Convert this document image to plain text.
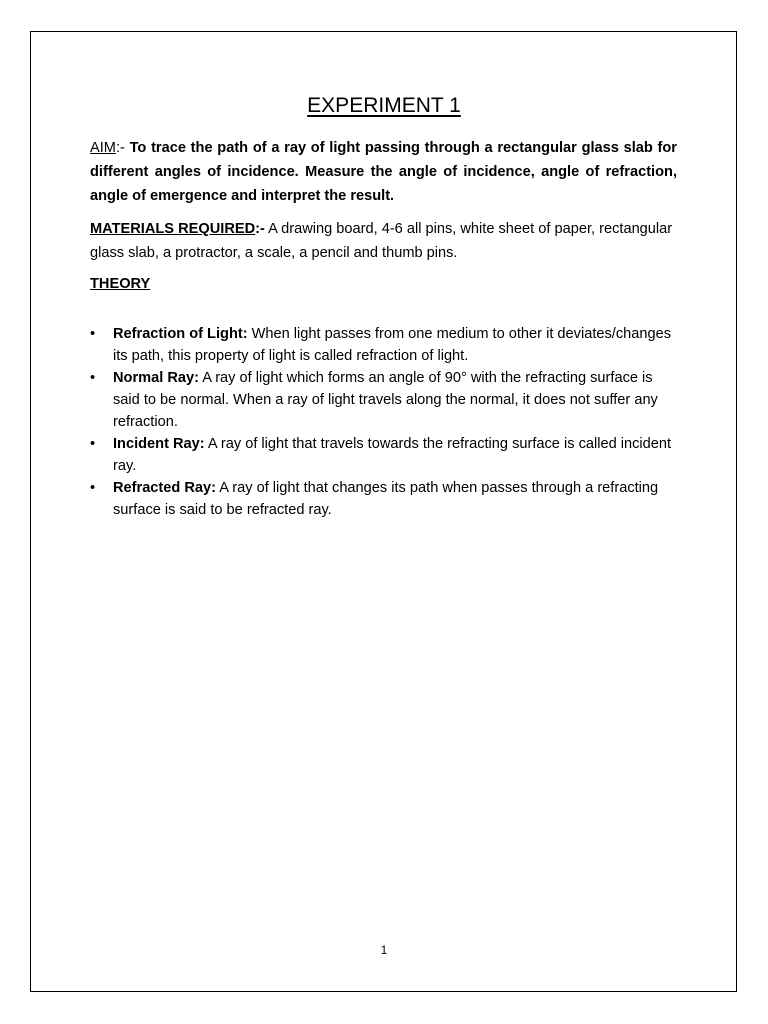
EXPERIMENT 1
AIM:- To trace the path of a ray of light passing through a rectangular glass slab for different angles of incidence. Measure the angle of incidence, angle of refraction, angle of emergence and interpret the result.
MATERIALS REQUIRED:- A drawing board, 4-6 all pins, white sheet of paper, rectangular glass slab, a protractor, a scale, a pencil and thumb pins.
THEORY
• Refraction of Light: When light passes from one medium to other it deviates/changes its path, this property of light is called refraction of light.
• Normal Ray: A ray of light which forms an angle of 90° with the refracting surface is said to be normal. When a ray of light travels along the normal, it does not suffer any refraction.
• Incident Ray: A ray of light that travels towards the refracting surface is called incident ray.
• Refracted Ray: A ray of light that changes its path when passes through a refracting surface is said to be refracted ray.
1
